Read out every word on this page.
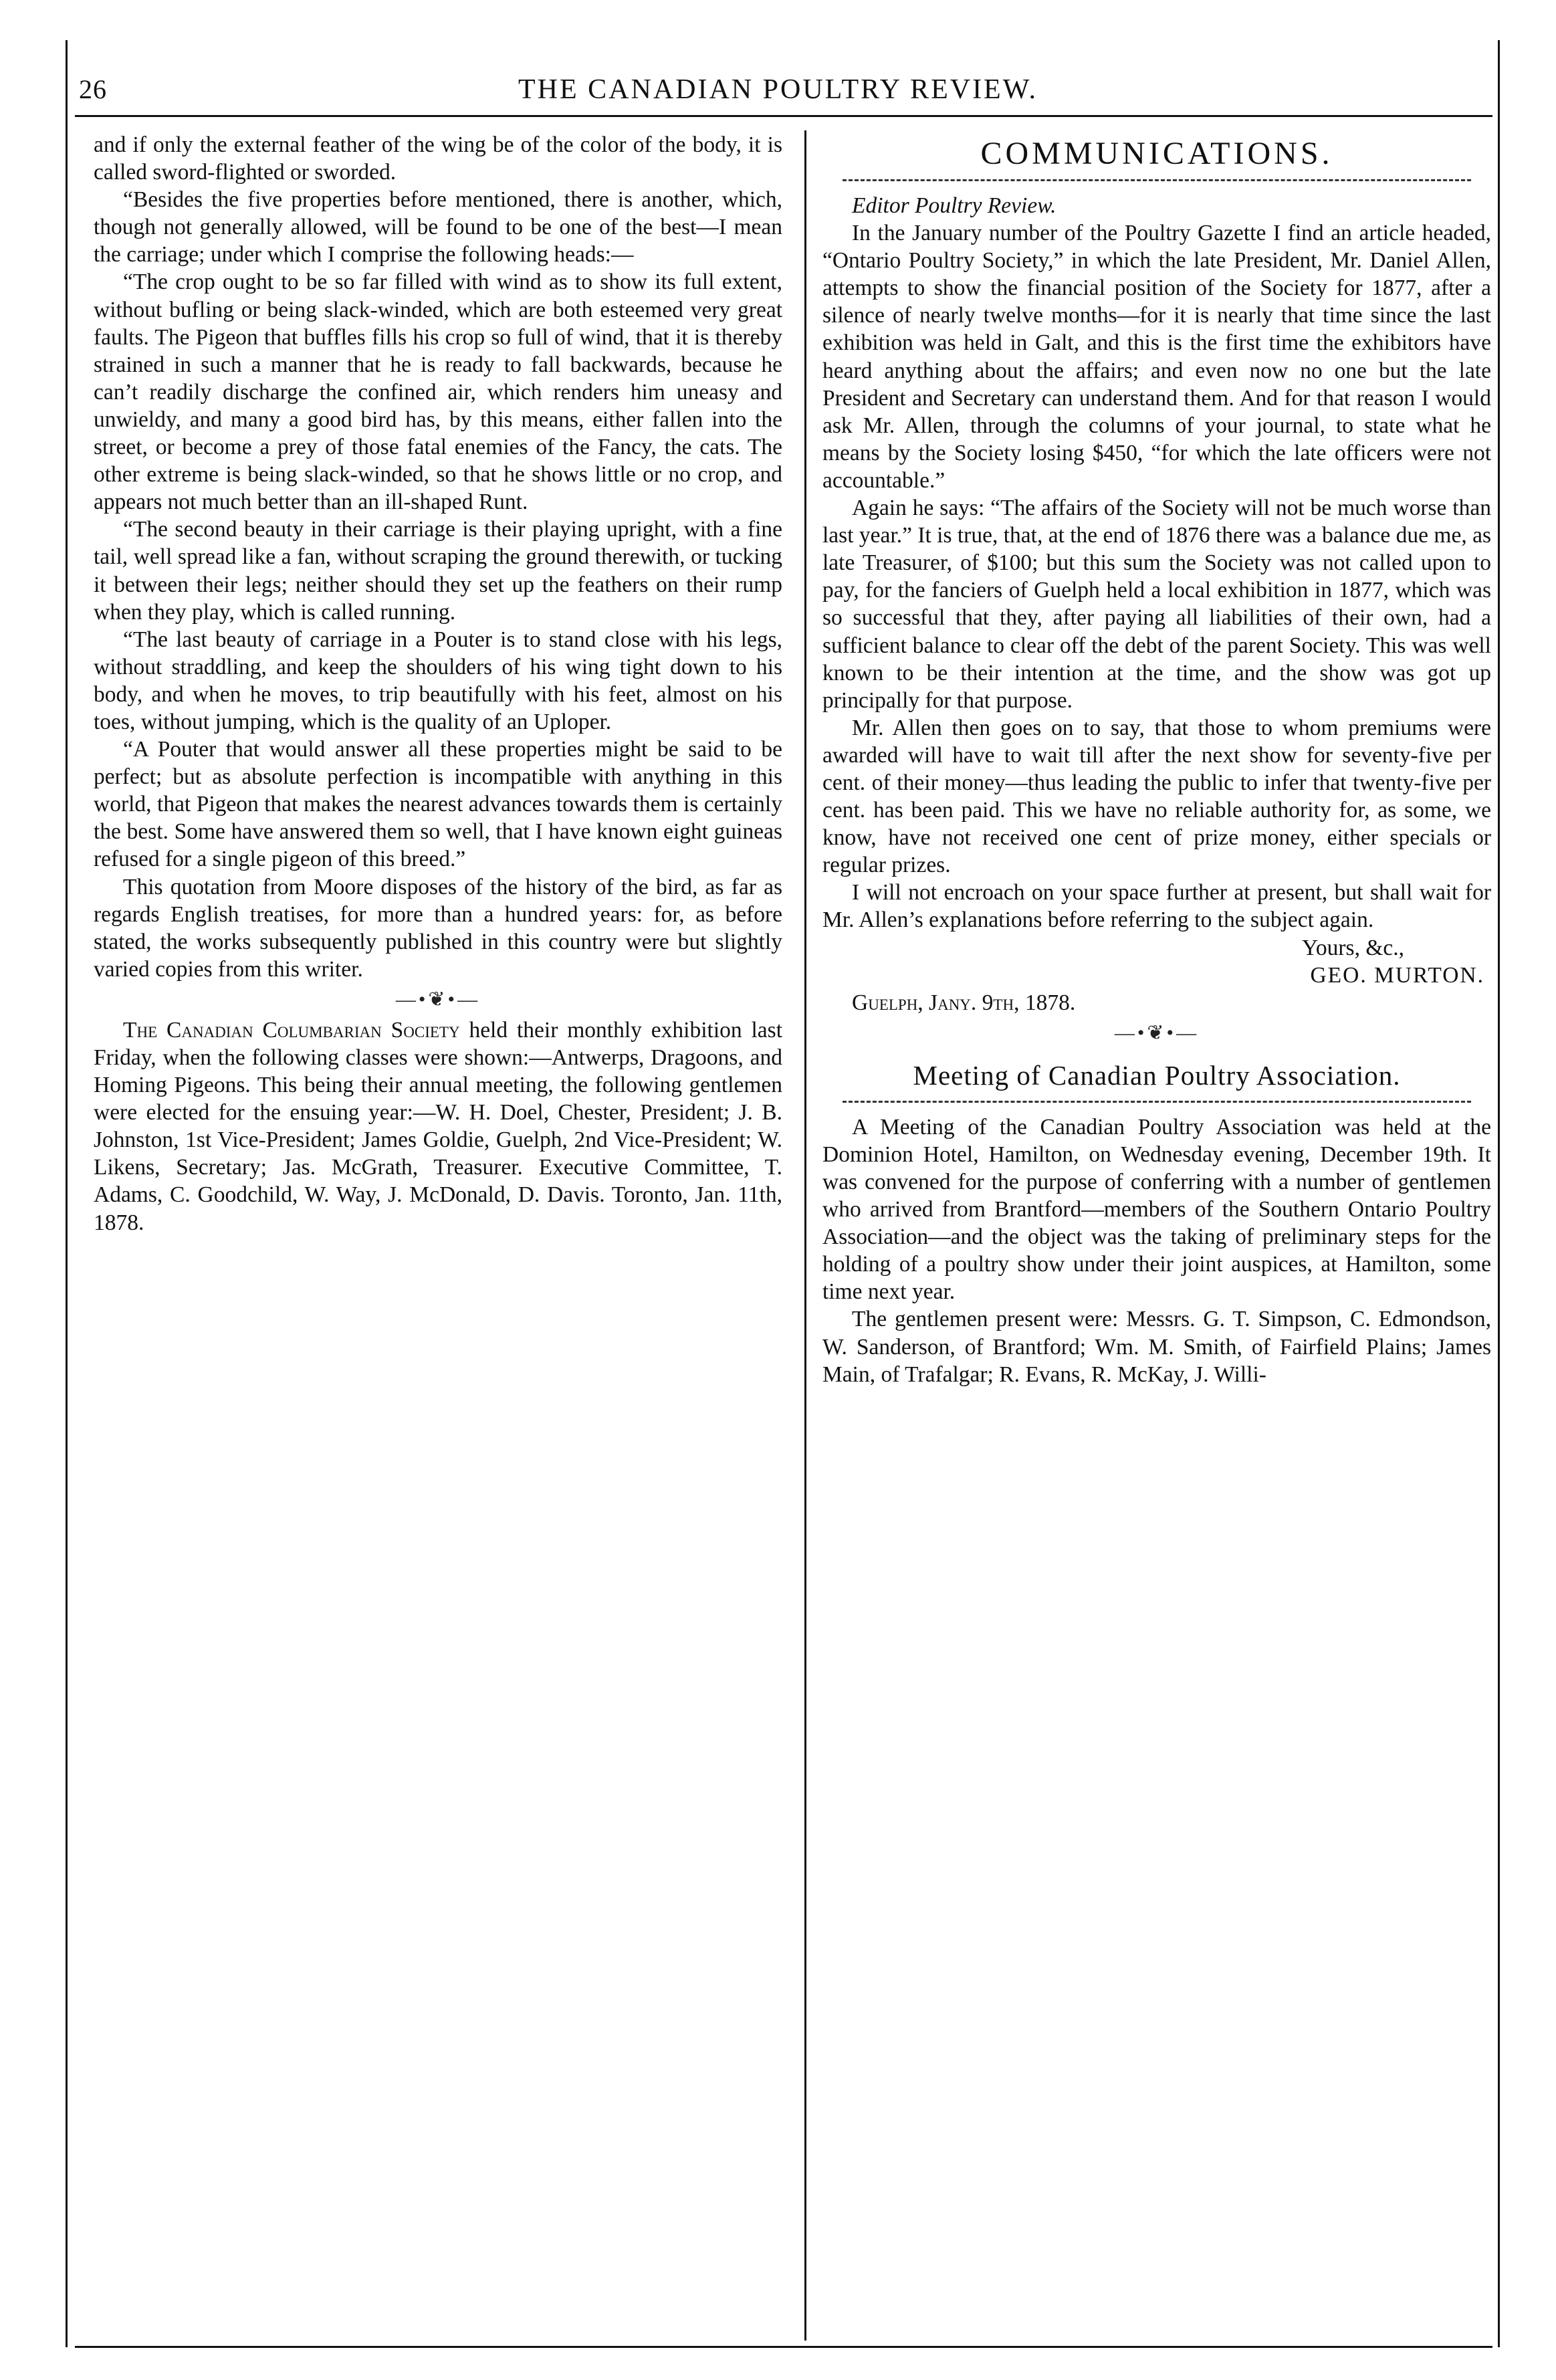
26	THE CANADIAN POULTRY REVIEW.

and if only the external feather of the wing be of the color of the body, it is called sword-flighted or sworded.

“Besides the five properties before mentioned, there is another, which, though not generally allowed, will be found to be one of the best—I mean the carriage; under which I comprise the following heads:—

“The crop ought to be so far filled with wind as to show its full extent, without bufling or being slack-winded, which are both esteemed very great faults. The Pigeon that buffles fills his crop so full of wind, that it is thereby strained in such a manner that he is ready to fall backwards, because he can’t readily discharge the confined air, which renders him uneasy and unwieldy, and many a good bird has, by this means, either fallen into the street, or become a prey of those fatal enemies of the Fancy, the cats. The other extreme is being slack-winded, so that he shows little or no crop, and appears not much better than an ill-shaped Runt.

“The second beauty in their carriage is their playing upright, with a fine tail, well spread like a fan, without scraping the ground therewith, or tucking it between their legs; neither should they set up the feathers on their rump when they play, which is called running.

“The last beauty of carriage in a Pouter is to stand close with his legs, without straddling, and keep the shoulders of his wing tight down to his body, and when he moves, to trip beautifully with his feet, almost on his toes, without jumping, which is the quality of an Uploper.

“A Pouter that would answer all these properties might be said to be perfect; but as absolute perfection is incompatible with anything in this world, that Pigeon that makes the nearest advances towards them is certainly the best. Some have answered them so well, that I have known eight guineas refused for a single pigeon of this breed.”

This quotation from Moore disposes of the history of the bird, as far as regards English treatises, for more than a hundred years: for, as before stated, the works subsequently published in this country were but slightly varied copies from this writer.

—•❦•—

The Canadian Columbarian Society held their monthly exhibition last Friday, when the following classes were shown:—Antwerps, Dragoons, and Homing Pigeons. This being their annual meeting, the following gentlemen were elected for the ensuing year:—W. H. Doel, Chester, President; J. B. Johnston, 1st Vice-President; James Goldie, Guelph, 2nd Vice-President; W. Likens, Secretary; Jas. McGrath, Treasurer. Executive Committee, T. Adams, C. Goodchild, W. Way, J. McDonald, D. Davis. Toronto, Jan. 11th, 1878.

COMMUNICATIONS.

Editor Poultry Review.

In the January number of the Poultry Gazette I find an article headed, “Ontario Poultry Society,” in which the late President, Mr. Daniel Allen, attempts to show the financial position of the Society for 1877, after a silence of nearly twelve months—for it is nearly that time since the last exhibition was held in Galt, and this is the first time the exhibitors have heard anything about the affairs; and even now no one but the late President and Secretary can understand them. And for that reason I would ask Mr. Allen, through the columns of your journal, to state what he means by the Society losing $450, “for which the late officers were not accountable.”

Again he says: “The affairs of the Society will not be much worse than last year.” It is true, that, at the end of 1876 there was a balance due me, as late Treasurer, of $100; but this sum the Society was not called upon to pay, for the fanciers of Guelph held a local exhibition in 1877, which was so successful that they, after paying all liabilities of their own, had a sufficient balance to clear off the debt of the parent Society. This was well known to be their intention at the time, and the show was got up principally for that purpose.

Mr. Allen then goes on to say, that those to whom premiums were awarded will have to wait till after the next show for seventy-five per cent. of their money—thus leading the public to infer that twenty-five per cent. has been paid. This we have no reliable authority for, as some, we know, have not received one cent of prize money, either specials or regular prizes.

I will not encroach on your space further at present, but shall wait for Mr. Allen’s explanations before referring to the subject again.

Yours, &c.,

GEO. MURTON.

Guelph, Jany. 9th, 1878.

—•❦•—
Meeting of Canadian Poultry Association.

A Meeting of the Canadian Poultry Association was held at the Dominion Hotel, Hamilton, on Wednesday evening, December 19th. It was convened for the purpose of conferring with a number of gentlemen who arrived from Brantford—members of the Southern Ontario Poultry Association—and the object was the taking of preliminary steps for the holding of a poultry show under their joint auspices, at Hamilton, some time next year.

The gentlemen present were: Messrs. G. T. Simpson, C. Edmondson, W. Sanderson, of Brantford; Wm. M. Smith, of Fairfield Plains; James Main, of Trafalgar; R. Evans, R. McKay, J. Willi-
